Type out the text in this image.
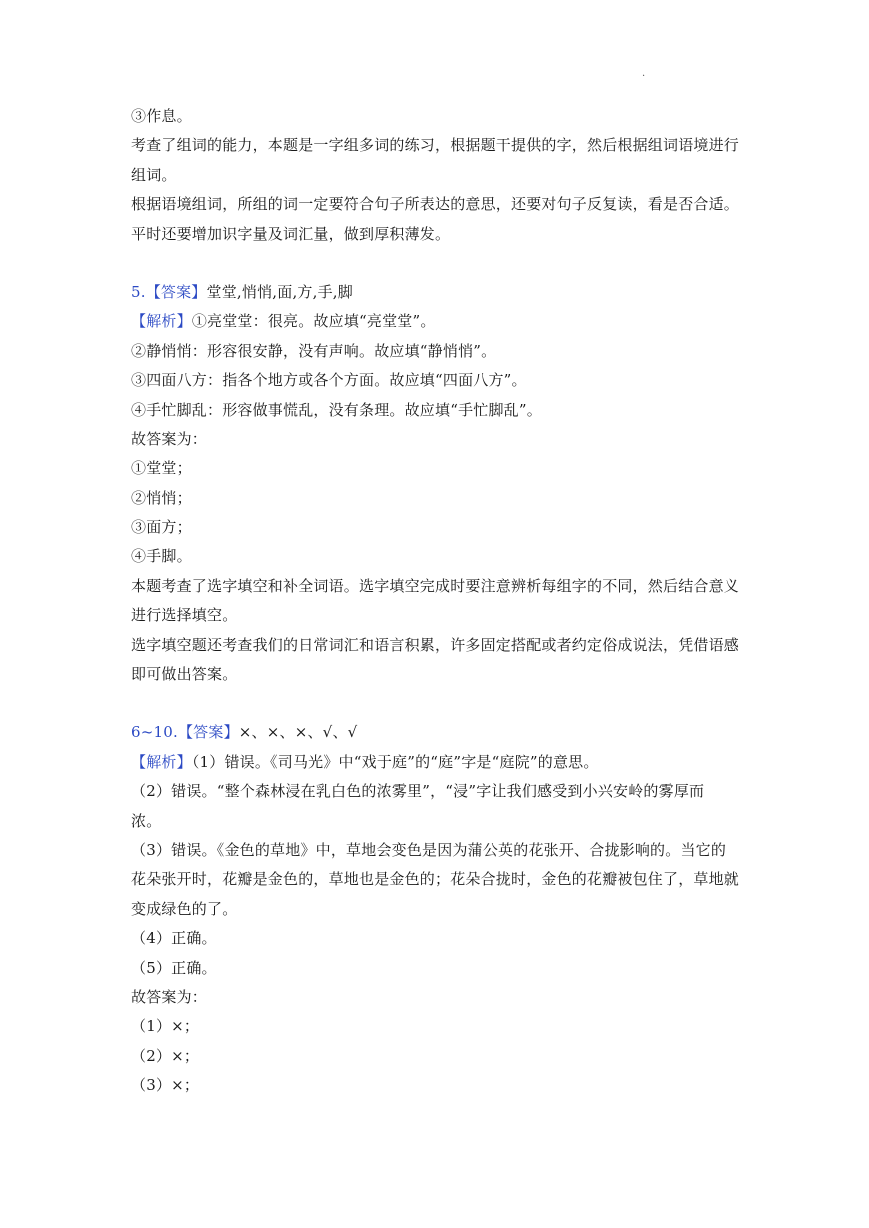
.
③作息。
考查了组词的能力，本题是一字组多词的练习，根据题干提供的字，然后根据组词语境进行
组词。
根据语境组词，所组的词一定要符合句子所表达的意思，还要对句子反复读，看是否合适。
平时还要增加识字量及词汇量，做到厚积薄发。
5.【答案】堂堂,悄悄,面,方,手,脚
【解析】①亮堂堂：很亮。故应填“亮堂堂”。
②静悄悄：形容很安静，没有声响。故应填“静悄悄”。
③四面八方：指各个地方或各个方面。故应填“四面八方”。
④手忙脚乱：形容做事慌乱，没有条理。故应填“手忙脚乱”。
故答案为：
①堂堂；
②悄悄；
③面方；
④手脚。
本题考查了选字填空和补全词语。选字填空完成时要注意辨析每组字的不同，然后结合意义
进行选择填空。
选字填空题还考查我们的日常词汇和语言积累，许多固定搭配或者约定俗成说法，凭借语感
即可做出答案。
6~10.【答案】×、×、×、√、√
【解析】（1）错误。《司马光》中“戏于庭”的“庭”字是“庭院”的意思。
（2）错误。“整个森林浸在乳白色的浓雾里”，“浸”字让我们感受到小兴安岭的雾厚而
浓。
（3）错误。《金色的草地》中，草地会变色是因为蒲公英的花张开、合拢影响的。当它的
花朵张开时，花瓣是金色的，草地也是金色的；花朵合拢时，金色的花瓣被包住了，草地就
变成绿色的了。
（4）正确。
（5）正确。
故答案为：
（1）×；
（2）×；
（3）×；
